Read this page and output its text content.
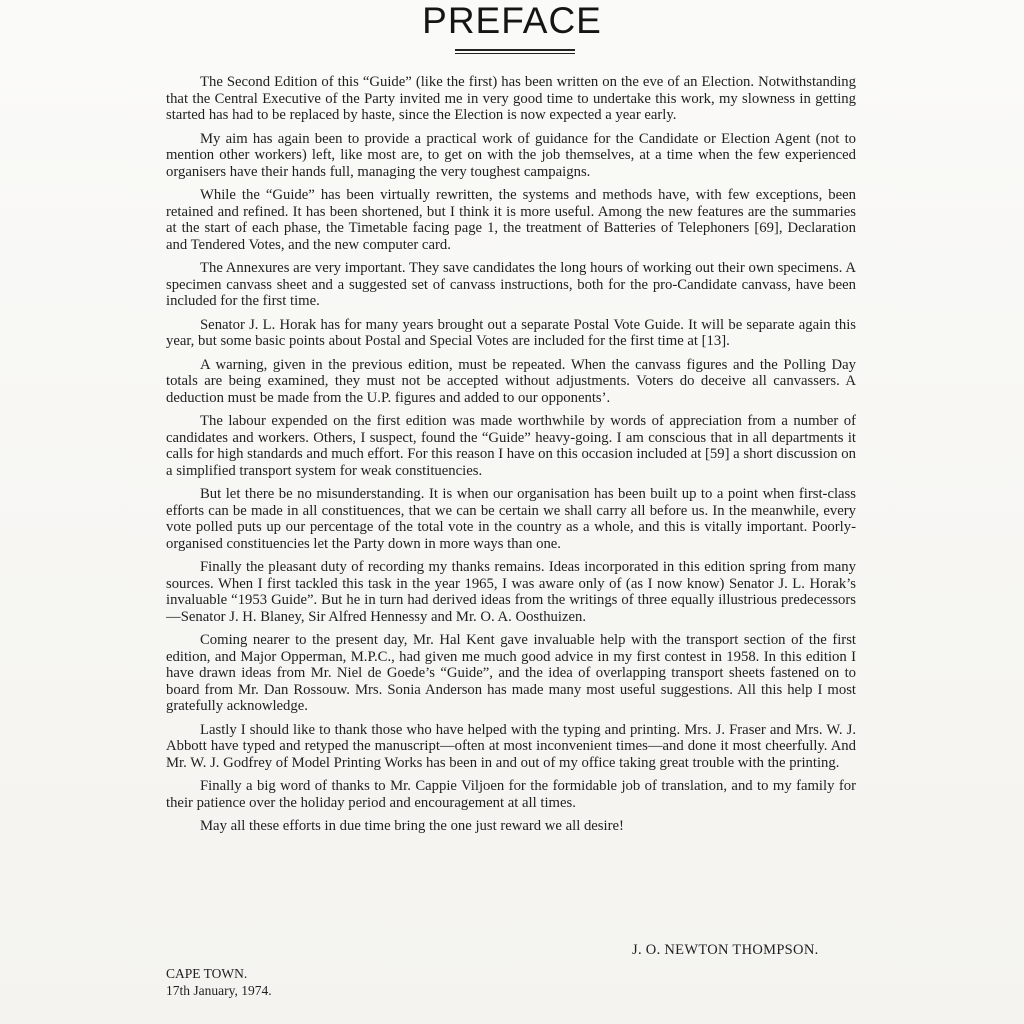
PREFACE

The Second Edition of this “Guide” (like the first) has been written on the eve of an Election. Notwithstanding that the Central Executive of the Party invited me in very good time to undertake this work, my slowness in getting started has had to be replaced by haste, since the Election is now expected a year early.

My aim has again been to provide a practical work of guidance for the Candidate or Election Agent (not to mention other workers) left, like most are, to get on with the job themselves, at a time when the few experienced organisers have their hands full, managing the very toughest campaigns.

While the “Guide” has been virtually rewritten, the systems and methods have, with few exceptions, been retained and refined. It has been shortened, but I think it is more useful. Among the new features are the summaries at the start of each phase, the Timetable facing page 1, the treatment of Batteries of Telephoners [69], Declaration and Tendered Votes, and the new computer card.

The Annexures are very important. They save candidates the long hours of working out their own specimens. A specimen canvass sheet and a suggested set of canvass instructions, both for the pro-Candidate canvass, have been included for the first time.

Senator J. L. Horak has for many years brought out a separate Postal Vote Guide. It will be separate again this year, but some basic points about Postal and Special Votes are included for the first time at [13].

A warning, given in the previous edition, must be repeated. When the canvass figures and the Polling Day totals are being examined, they must not be accepted without adjustments. Voters do deceive all canvassers. A deduction must be made from the U.P. figures and added to our opponents’.

The labour expended on the first edition was made worthwhile by words of appreciation from a number of candidates and workers. Others, I suspect, found the “Guide” heavy-going. I am conscious that in all departments it calls for high standards and much effort. For this reason I have on this occasion included at [59] a short discussion on a simplified transport system for weak constituencies.

But let there be no misunderstanding. It is when our organisation has been built up to a point when first-class efforts can be made in all constituences, that we can be certain we shall carry all before us. In the meanwhile, every vote polled puts up our percentage of the total vote in the country as a whole, and this is vitally important. Poorly-organised constituencies let the Party down in more ways than one.

Finally the pleasant duty of recording my thanks remains. Ideas incorporated in this edition spring from many sources. When I first tackled this task in the year 1965, I was aware only of (as I now know) Senator J. L. Horak’s invaluable “1953 Guide”. But he in turn had derived ideas from the writings of three equally illustrious predecessors—Senator J. H. Blaney, Sir Alfred Hennessy and Mr. O. A. Oosthuizen.

Coming nearer to the present day, Mr. Hal Kent gave invaluable help with the transport section of the first edition, and Major Opperman, M.P.C., had given me much good advice in my first contest in 1958. In this edition I have drawn ideas from Mr. Niel de Goede’s “Guide”, and the idea of overlapping transport sheets fastened on to board from Mr. Dan Rossouw. Mrs. Sonia Anderson has made many most useful suggestions. All this help I most gratefully acknowledge.

Lastly I should like to thank those who have helped with the typing and printing. Mrs. J. Fraser and Mrs. W. J. Abbott have typed and retyped the manuscript—often at most inconvenient times—and done it most cheerfully. And Mr. W. J. Godfrey of Model Printing Works has been in and out of my office taking great trouble with the printing.

Finally a big word of thanks to Mr. Cappie Viljoen for the formidable job of translation, and to my family for their patience over the holiday period and encouragement at all times.

May all these efforts in due time bring the one just reward we all desire!

J. O. NEWTON THOMPSON.
CAPE TOWN.
17th January, 1974.
